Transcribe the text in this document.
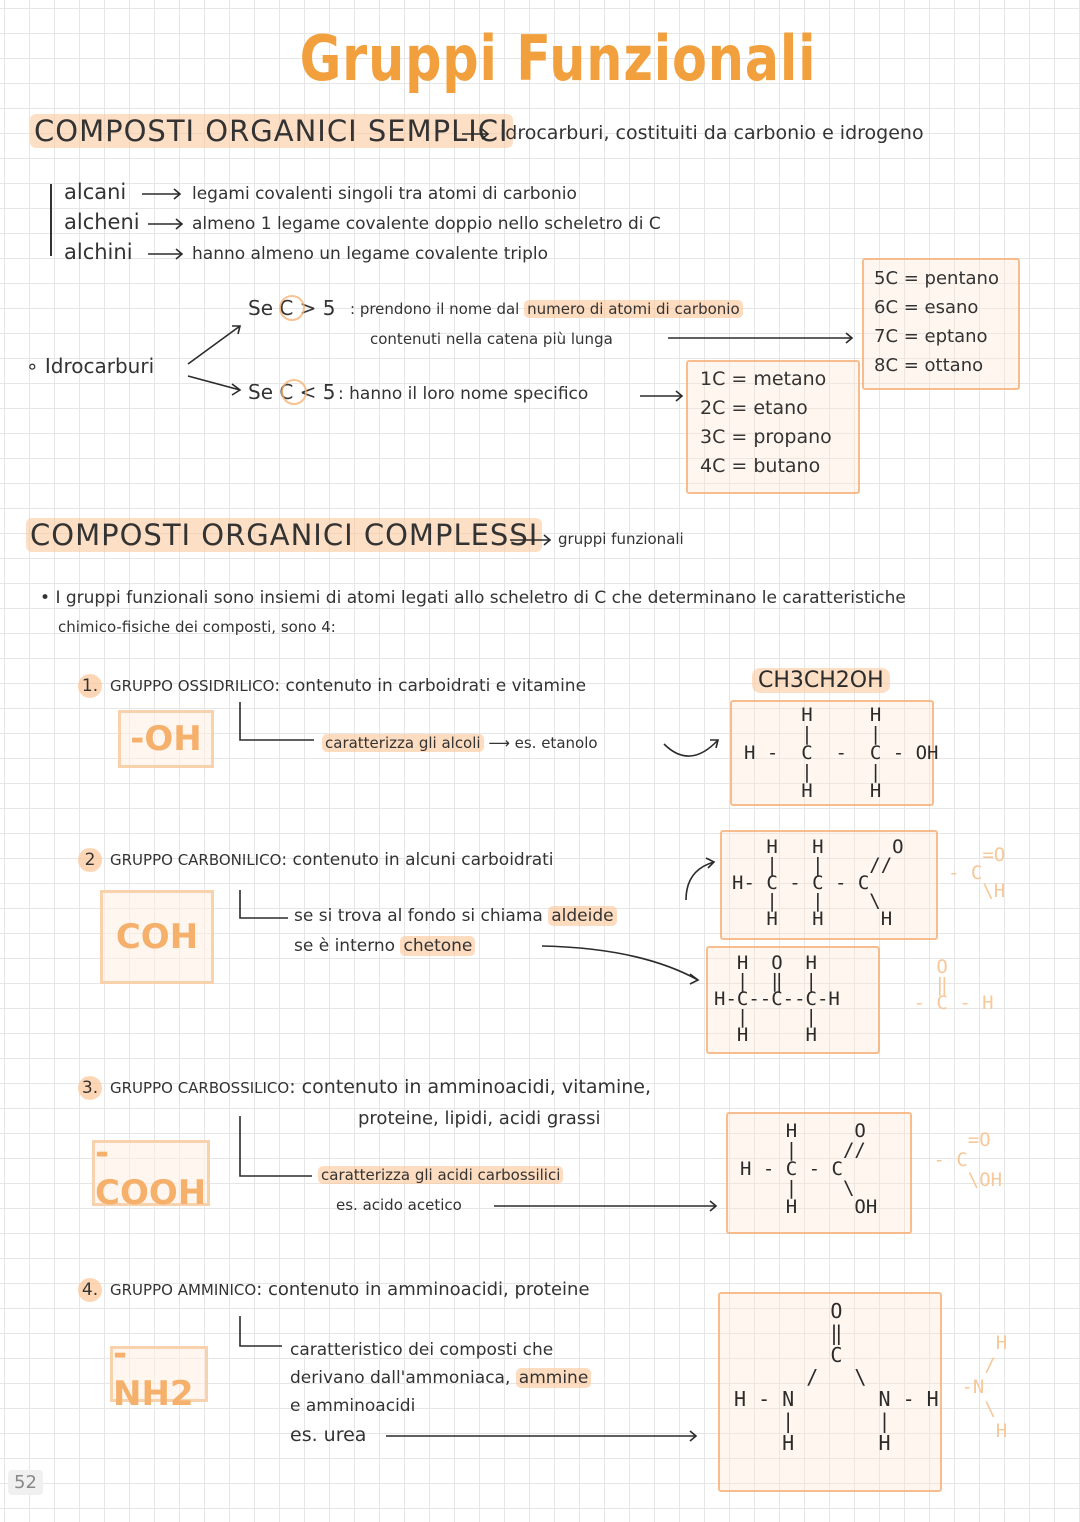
Gruppi Funzionali
COMPOSTI ORGANICI SEMPLICI
idrocarburi, costituiti da carbonio e idrogeno
alcani	legami covalenti singoli tra atomi di carbonio
alcheni	almeno 1 legame covalente doppio nello scheletro di C
alchini	hanno almeno un legame covalente triplo
∘ Idrocarburi
Se C > 5 : prendono il nome dal numero di atomi di carbonio
contenuti nella catena più lunga
Se C < 5 : hanno il loro nome specifico
1C = metano
2C = etano
3C = propano
4C = butano
5C = pentano
6C = esano
7C = eptano
8C = ottano
COMPOSTI ORGANICI COMPLESSI gruppi funzionali
• I gruppi funzionali sono insiemi di atomi legati allo scheletro di C che determinano le caratteristiche
chimico-fisiche dei composti, sono 4:
1. GRUPPO OSSIDRILICO: contenuto in carboidrati e vitamine
-OH	caratterizza gli alcoli ⟶ es. etanolo
CH3CH2OH
H     H
|     |
H -  C  -  C - OH
|     |
H     H
2 GRUPPO CARBONILICO: contenuto in alcuni carboidrati
COH
se si trova al fondo si chiama aldeide
se è interno chetone
H   H      O
|   |    //
H- C - C - C
|   |    \
H   H     H
=O
- C
\H
H  O  H
|  ‖  |
H-C--C--C-H
|     |
H     H
O
‖
- C - H
3. GRUPPO CARBOSSILICO: contenuto in amminoacidi, vitamine,
proteine, lipidi, acidi grassi
-COOH	caratterizza gli acidi carbossilici
es. acido acetico
H     O
|    //
H - C - C
|    \
H     OH
=O
- C
\OH
4. GRUPPO AMMINICO: contenuto in amminoacidi, proteine
-NH2
caratteristico dei composti che
derivano dall'ammoniaca, ammine
e amminoacidi
es. urea
O
‖
C
/   \
H - N       N - H
|       |
H       H
H
/
-N
\
H
52
